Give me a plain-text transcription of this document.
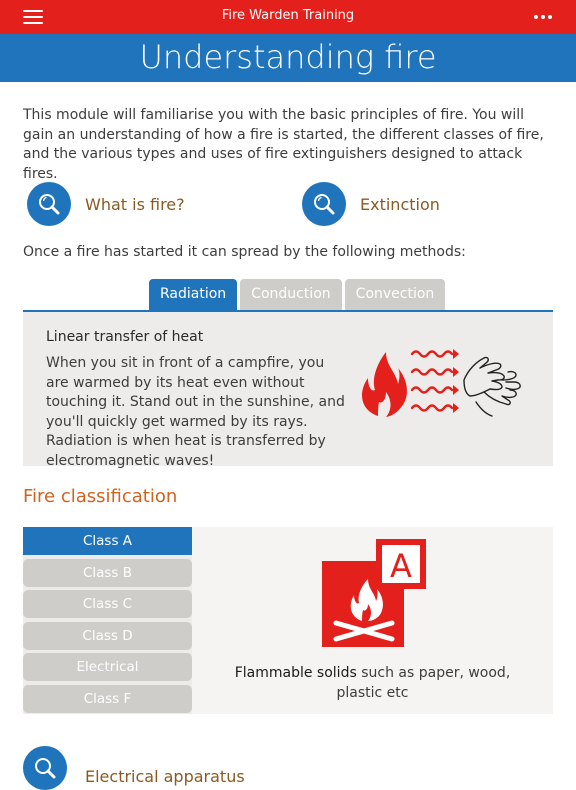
Fire Warden Training
Understanding fire
This module will familiarise you with the basic principles of fire. You will gain an understanding of how a fire is started, the different classes of fire, and the various types and uses of fire extinguishers designed to attack fires.
What is fire?	Extinction
Once a fire has started it can spread by the following methods:
Radiation	Conduction	Convection
Linear transfer of heat
When you sit in front of a campfire, you are warmed by its heat even without touching it. Stand out in the sunshine, and you'll quickly get warmed by its rays. Radiation is when heat is transferred by electromagnetic waves!
Fire classification
Class A
Class B
Class C
Class D
Electrical
Class F
A
Flammable solids such as paper, wood, plastic etc
Electrical apparatus
